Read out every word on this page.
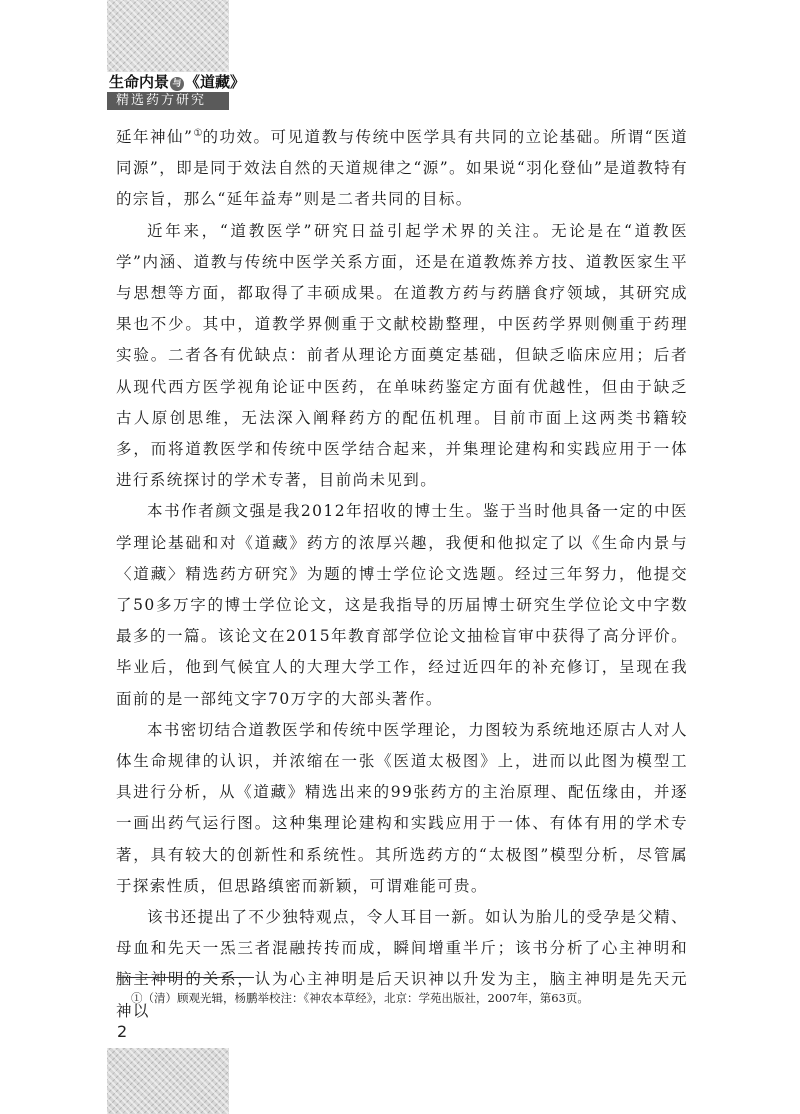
生命内景 与 《道藏》
精选药方研究

延年神仙”①的功效。可见道教与传统中医学具有共同的立论基础。所谓“医道同源”，即是同于效法自然的天道规律之“源”。如果说“羽化登仙”是道教特有的宗旨，那么“延年益寿”则是二者共同的目标。

近年来，“道教医学”研究日益引起学术界的关注。无论是在“道教医学”内涵、道教与传统中医学关系方面，还是在道教炼养方技、道教医家生平与思想等方面，都取得了丰硕成果。在道教方药与药膳食疗领域，其研究成果也不少。其中，道教学界侧重于文献校勘整理，中医药学界则侧重于药理实验。二者各有优缺点：前者从理论方面奠定基础，但缺乏临床应用；后者从现代西方医学视角论证中医药，在单味药鉴定方面有优越性，但由于缺乏古人原创思维，无法深入阐释药方的配伍机理。目前市面上这两类书籍较多，而将道教医学和传统中医学结合起来，并集理论建构和实践应用于一体进行系统探讨的学术专著，目前尚未见到。

本书作者颜文强是我2012年招收的博士生。鉴于当时他具备一定的中医学理论基础和对《道藏》药方的浓厚兴趣，我便和他拟定了以《生命内景与〈道藏〉精选药方研究》为题的博士学位论文选题。经过三年努力，他提交了50多万字的博士学位论文，这是我指导的历届博士研究生学位论文中字数最多的一篇。该论文在2015年教育部学位论文抽检盲审中获得了高分评价。毕业后，他到气候宜人的大理大学工作，经过近四年的补充修订，呈现在我面前的是一部纯文字70万字的大部头著作。

本书密切结合道教医学和传统中医学理论，力图较为系统地还原古人对人体生命规律的认识，并浓缩在一张《医道太极图》上，进而以此图为模型工具进行分析，从《道藏》精选出来的99张药方的主治原理、配伍缘由，并逐一画出药气运行图。这种集理论建构和实践应用于一体、有体有用的学术专著，具有较大的创新性和系统性。其所选药方的“太极图”模型分析，尽管属于探索性质，但思路缜密而新颖，可谓难能可贵。

该书还提出了不少独特观点，令人耳目一新。如认为胎儿的受孕是父精、母血和先天一炁三者混融抟抟而成，瞬间增重半斤；该书分析了心主神明和脑主神明的关系，认为心主神明是后天识神以升发为主，脑主神明是先天元神以

①（清）顾观光辑，杨鹏举校注：《神农本草经》，北京：学苑出版社，2007年，第63页。
2
